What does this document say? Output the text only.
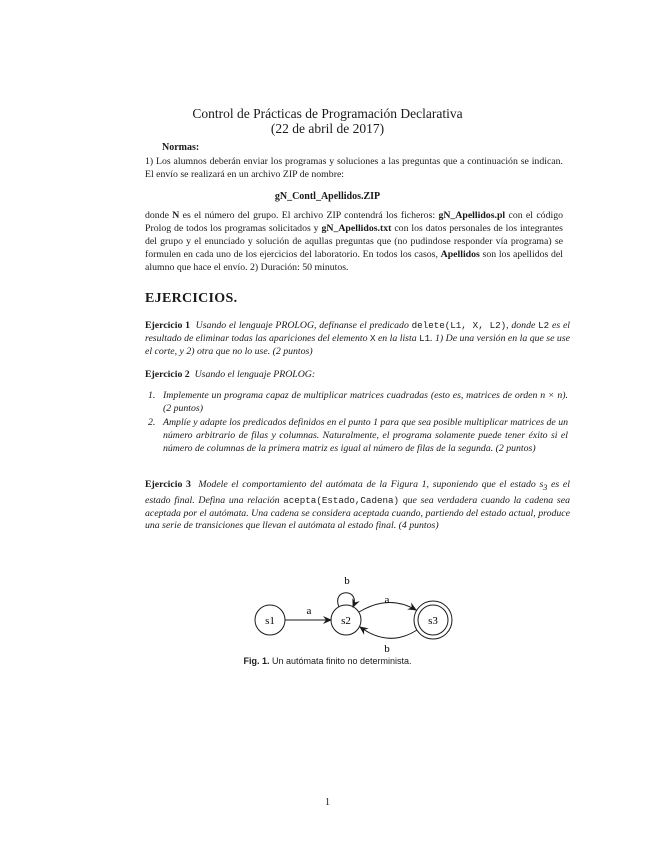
Control de Prácticas de Programación Declarativa
(22 de abril de 2017)
Normas:
1) Los alumnos deberán enviar los programas y soluciones a las preguntas que a continuación se indican. El envío se realizará en un archivo ZIP de nombre:
gN_Contl_Apellidos.ZIP
donde N es el número del grupo. El archivo ZIP contendrá los ficheros: gN_Apellidos.pl con el código Prolog de todos los programas solicitados y gN_Apellidos.txt con los datos personales de los integrantes del grupo y el enunciado y solución de aqullas preguntas que (no pudindose responder vía programa) se formulen en cada uno de los ejercicios del laboratorio. En todos los casos, Apellidos son los apellidos del alumno que hace el envío. 2) Duración: 50 minutos.
EJERCICIOS.
Ejercicio 1 Usando el lenguaje PROLOG, defínanse el predicado delete(L1, X, L2), donde L2 es el resultado de eliminar todas las apariciones del elemento X en la lista L1. 1) De una versión en la que se use el corte, y 2) otra que no lo use. (2 puntos)
Ejercicio 2 Usando el lenguaje PROLOG:
1. Implemente un programa capaz de multiplicar matrices cuadradas (esto es, matrices de orden n × n). (2 puntos)
2. Amplíe y adapte los predicados definidos en el punto 1 para que sea posible multiplicar matrices de un número arbitrario de filas y columnas. Naturalmente, el programa solamente puede tener éxito si el número de columnas de la primera matriz es igual al número de filas de la segunda. (2 puntos)
Ejercicio 3 Modele el comportamiento del autómata de la Figura 1, suponiendo que el estado $s_3$ es el estado final. Defina una relación acepta(Estado,Cadena) que sea verdadera cuando la cadena sea aceptada por el autómata. Una cadena se considera aceptada cuando, partiendo del estado actual, produce una serie de transiciones que llevan el autómata al estado final. (4 puntos)
s1	s2	s3
a
b
a
b
Fig. 1. Un autómata finito no determinista.
1
